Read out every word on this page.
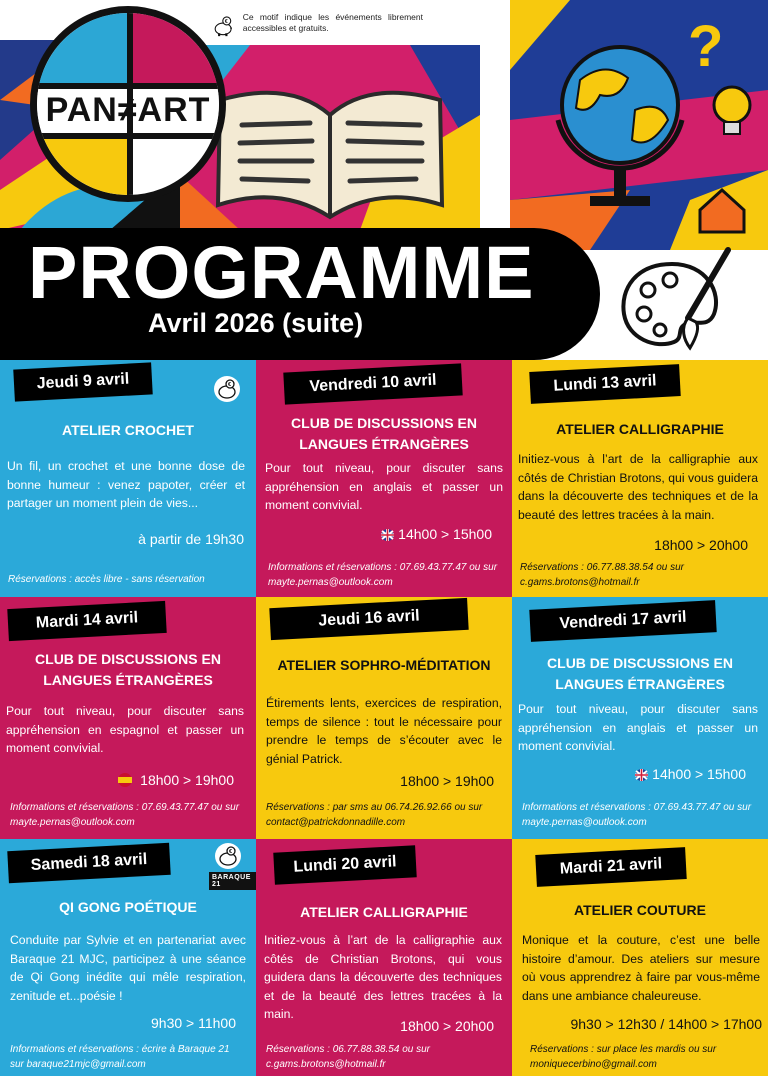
?
PAN≠ART
€ Ce motif indique les événements librement accessibles et gratuits.
PROGRAMME
Avril 2026 (suite)
Jeudi 9 avril	€
ATELIER CROCHET
Un fil, un crochet et une bonne dose de bonne humeur : venez papoter, créer et partager un moment plein de vies...
à partir de 19h30
Réservations : accès libre - sans réservation
Vendredi 10 avril
CLUB DE DISCUSSIONS EN LANGUES ÉTRANGÈRES
Pour tout niveau, pour discuter sans appréhension en anglais et passer un moment convivial.
14h00 > 15h00
Informations et réservations : 07.69.43.77.47 ou sur mayte.pernas@outlook.com
Lundi 13 avril
ATELIER CALLIGRAPHIE
Initiez-vous à l’art de la calligraphie aux côtés de Christian Brotons, qui vous guidera dans la découverte des techniques et de la beauté des lettres tracées à la main.
18h00 > 20h00
Réservations : 06.77.88.38.54 ou sur c.gams.brotons@hotmail.fr
Mardi 14 avril
CLUB DE DISCUSSIONS EN LANGUES ÉTRANGÈRES
Pour tout niveau, pour discuter sans appréhension en espagnol et passer un moment convivial.
18h00 > 19h00
Informations et réservations : 07.69.43.77.47 ou sur mayte.pernas@outlook.com
Jeudi 16 avril
ATELIER SOPHRO-MÉDITATION
Étirements lents, exercices de respiration, temps de silence : tout le nécessaire pour prendre le temps de s’écouter avec le génial Patrick.
18h00 > 19h00
Réservations : par sms au 06.74.26.92.66 ou sur contact@patrickdonnadille.com
Vendredi 17 avril
CLUB DE DISCUSSIONS EN LANGUES ÉTRANGÈRES
Pour tout niveau, pour discuter sans appréhension en anglais et passer un moment convivial.
14h00 > 15h00
Informations et réservations : 07.69.43.77.47 ou sur mayte.pernas@outlook.com
Samedi 18 avril	€
BARAQUE 21
QI GONG POÉTIQUE
Conduite par Sylvie et en partenariat avec Baraque 21 MJC, participez à une séance de Qi Gong inédite qui mêle respiration, zenitude et...poésie !
9h30 > 11h00
Informations et réservations : écrire à Baraque 21 sur baraque21mjc@gmail.com
Lundi 20 avril
ATELIER CALLIGRAPHIE
Initiez-vous à l’art de la calligraphie aux côtés de Christian Brotons, qui vous guidera dans la découverte des techniques et de la beauté des lettres tracées à la main.
18h00 > 20h00
Réservations : 06.77.88.38.54 ou sur c.gams.brotons@hotmail.fr
Mardi 21 avril
ATELIER COUTURE
Monique et la couture, c’est une belle histoire d’amour. Des ateliers sur mesure où vous apprendrez à faire par vous-même dans une ambiance chaleureuse.
9h30 > 12h30 / 14h00 > 17h00
Réservations : sur place les mardis ou sur moniquecerbino@gmail.com
